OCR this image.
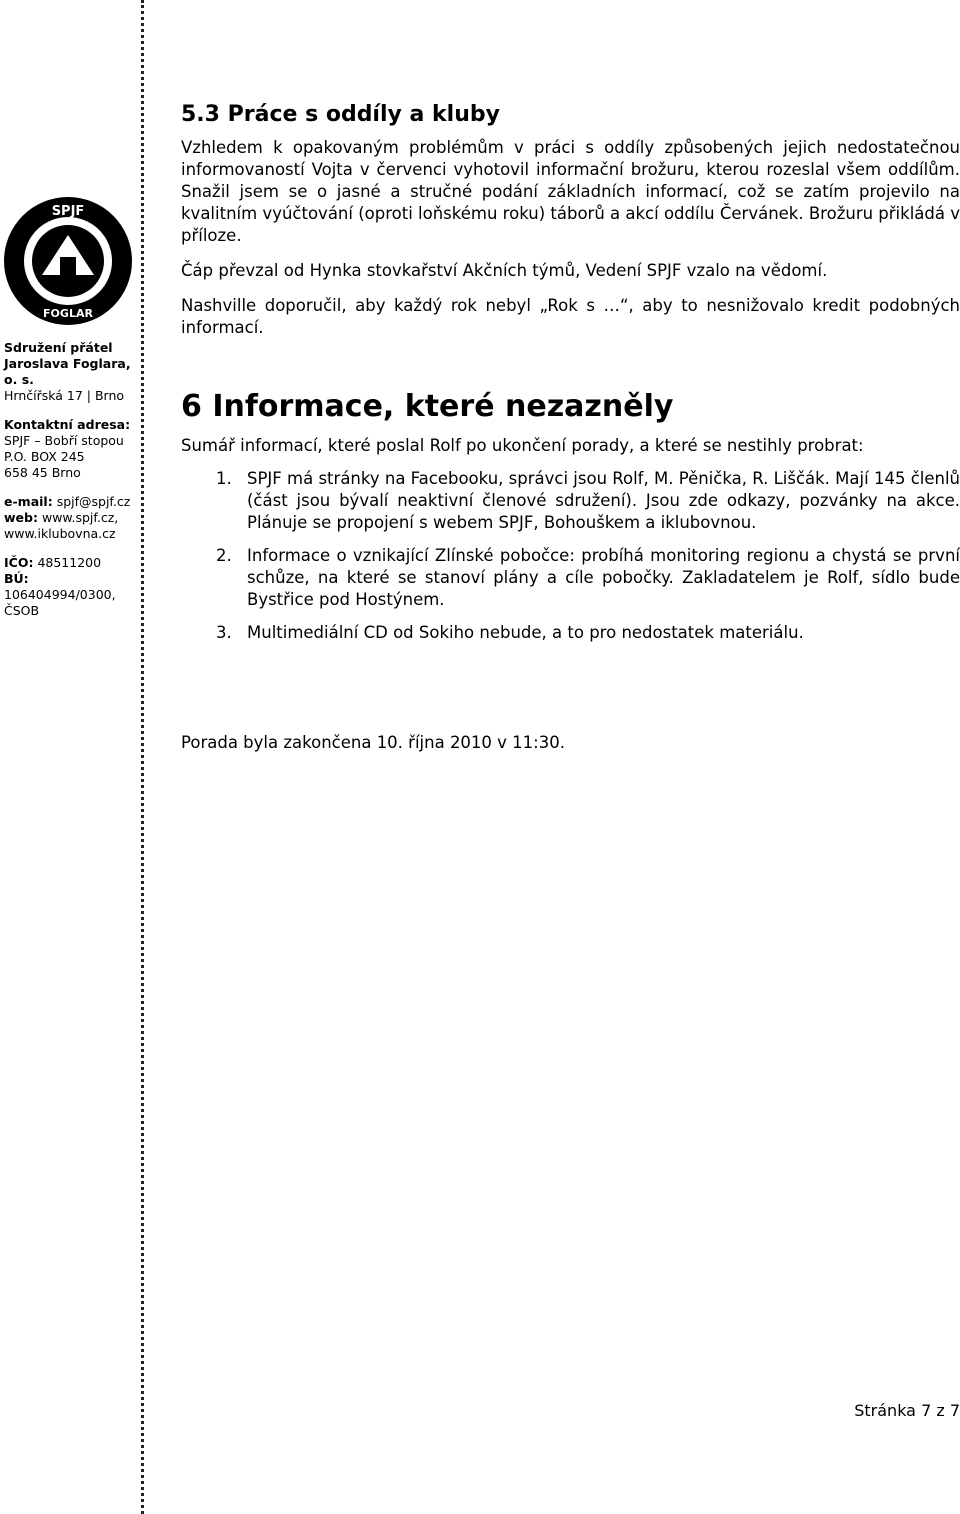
SPJF
FOGLAR
Sdružení přátel
Jaroslava Foglara, o. s.
Hrnčířská 17 | Brno
Kontaktní adresa:
SPJF – Bobří stopou
P.O. BOX 245
658 45 Brno
e-mail: spjf@spjf.cz
web: www.spjf.cz,
www.iklubovna.cz
IČO: 48511200
BÚ: 106404994/0300,
ČSOB
5.3 Práce s oddíly a kluby

Vzhledem k opakovaným problémům v práci s oddíly způsobených jejich nedostatečnou informovaností Vojta v červenci vyhotovil informační brožuru, kterou rozeslal všem oddílům. Snažil jsem se o jasné a stručné podání základních informací, což se zatím projevilo na kvalitním vyúčtování (oproti loňskému roku) táborů a akcí oddílu Červánek. Brožuru přikládá v příloze.

Čáp převzal od Hynka stovkařství Akčních týmů, Vedení SPJF vzalo na vědomí.

Nashville doporučil, aby každý rok nebyl „Rok s …“, aby to nesnižovalo kredit podobných informací.

6 Informace, které nezazněly

Sumář informací, které poslal Rolf po ukončení porady, a které se nestihly probrat:

1. SPJF má stránky na Facebooku, správci jsou Rolf, M. Pěnička, R. Liščák. Mají 145 členlů (část jsou bývalí neaktivní členové sdružení). Jsou zde odkazy, pozvánky na akce. Plánuje se propojení s webem SPJF, Bohouškem a iklubovnou.
2. Informace o vznikající Zlínské pobočce: probíhá monitoring regionu a chystá se první schůze, na které se stanoví plány a cíle pobočky. Zakladatelem je Rolf, sídlo bude Bystřice pod Hostýnem.
3. Multimediální CD od Sokiho nebude, a to pro nedostatek materiálu.
Porada byla zakončena 10. října 2010 v 11:30.
Stránka 7 z 7
